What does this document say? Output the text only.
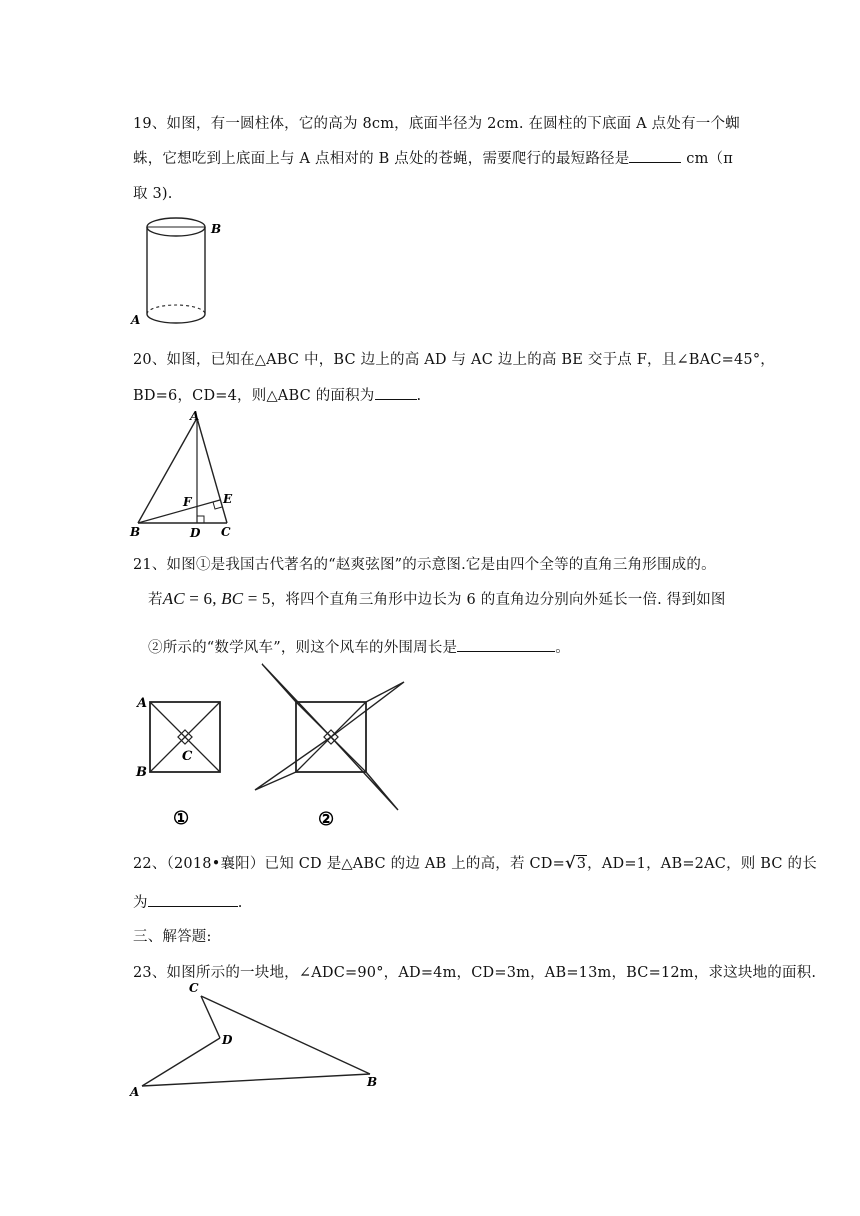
19、如图，有一圆柱体，它的高为 8cm，底面半径为 2cm. 在圆柱的下底面 A 点处有一个蜘
蛛，它想吃到上底面上与 A 点相对的 B 点处的苍蝇，需要爬行的最短路径是	cm（π
取 3).
A
B
20、如图，已知在△ABC 中，BC 边上的高 AD 与 AC 边上的高 BE 交于点 F，且∠BAC=45°，
BD=6，CD=4，则△ABC 的面积为	.
A
B	C
D
E
F
21、如图①是我国古代著名的“赵爽弦图”的示意图.它是由四个全等的直角三角形围成的。
若AC = 6, BC = 5，将四个直角三角形中边长为 6 的直角边分别向外延长一倍. 得到如图
②所示的“数学风车”，则这个风车的外围周长是	。
A
B
C
①	②
22、（2018•襄阳）已知 CD 是△ABC 的边 AB 上的高，若 CD=√3，AD=1，AB=2AC，则 BC 的长
为	.
三、解答题:
23、如图所示的一块地，∠ADC=90°，AD=4m，CD=3m，AB=13m，BC=12m，求这块地的面积.
A
B
C
D
